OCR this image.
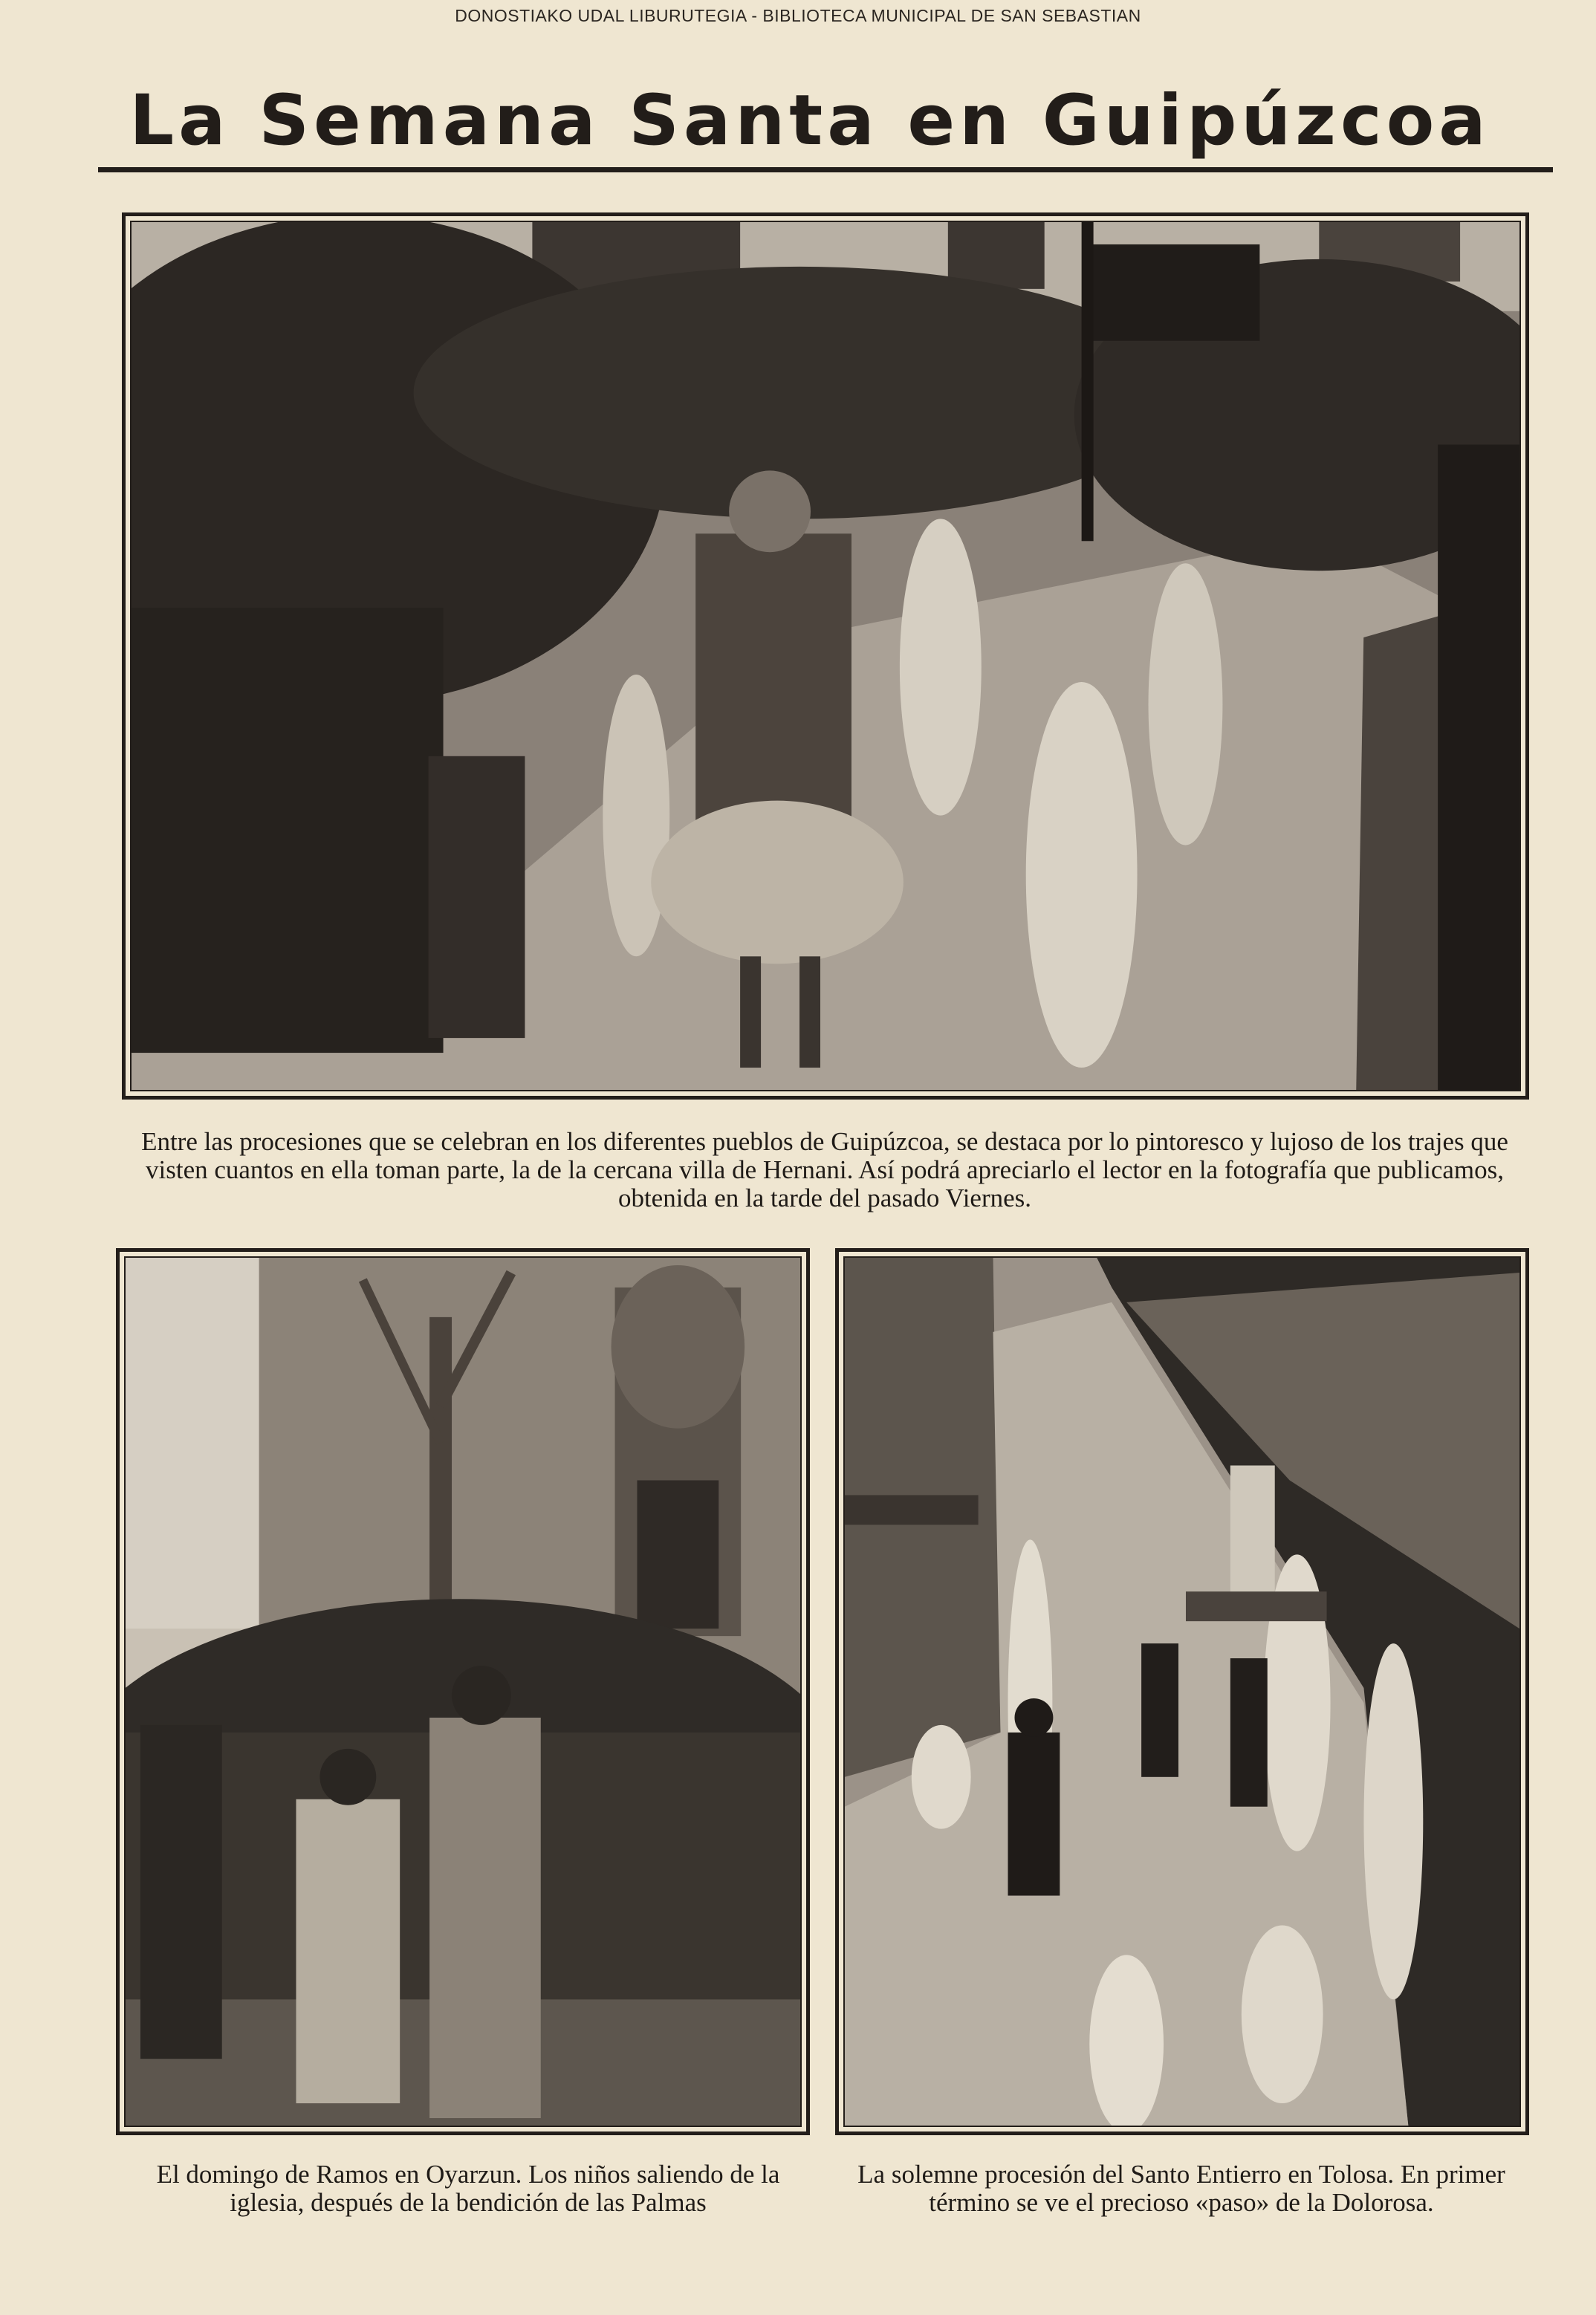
DONOSTIAKO UDAL LIBURUTEGIA - BIBLIOTECA MUNICIPAL DE SAN SEBASTIAN
La Semana Santa en Guipúzcoa
Entre las procesiones que se celebran en los diferentes pueblos de Guipúzcoa, se destaca por lo pintoresco y lujoso de los trajes que visten cuantos en ella toman parte, la de la cercana villa de Hernani. Así podrá apreciarlo el lector en la fotografía que publicamos, obtenida en la tarde del pasado Viernes.
El domingo de Ramos en Oyarzun. Los niños saliendo de la iglesia, después de la bendición de las Palmas
La solemne procesión del Santo Entierro en Tolosa. En primer término se ve el precioso «paso» de la Dolorosa.
